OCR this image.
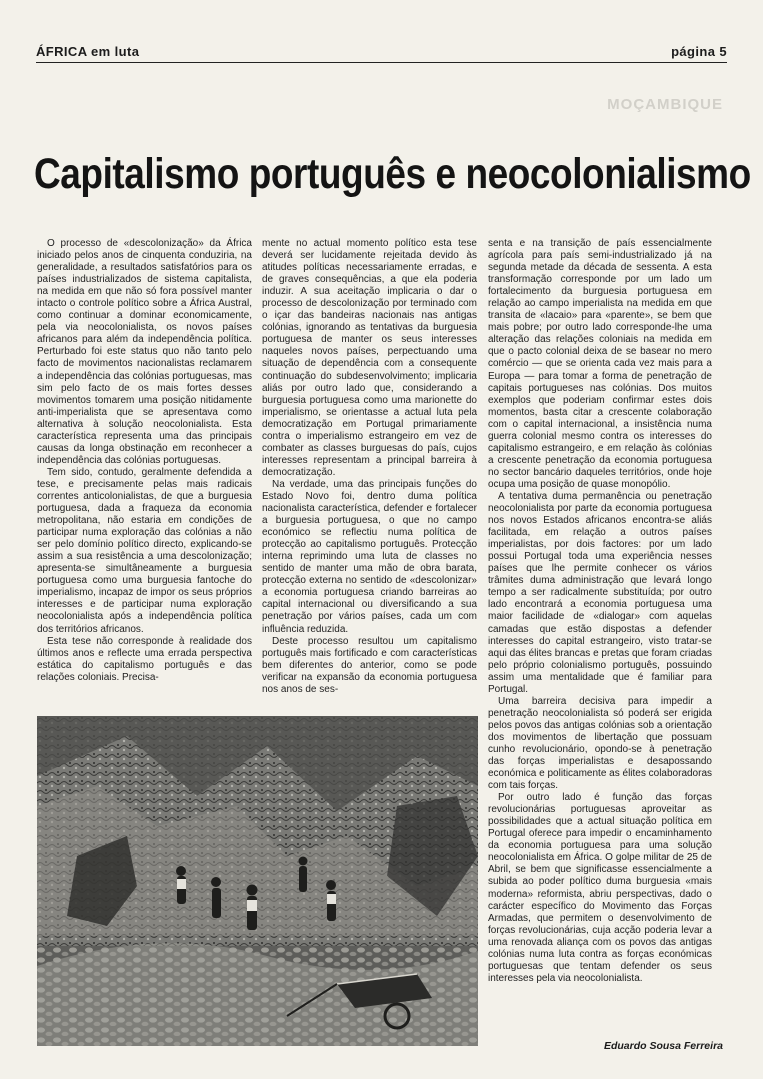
ÁFRICA em luta	página 5
MOÇAMBIQUE
Capitalismo português e neocolonialismo

O processo de «descolonização» da África iniciado pelos anos de cinquenta conduziria, na generalidade, a resultados satisfatórios para os países industrializados de sistema capitalista, na medida em que não só fora possível manter intacto o controle político sobre a África Austral, como continuar a dominar economicamente, pela via neocolonialista, os novos países africanos para além da independência política. Perturbado foi este status quo não tanto pelo facto de movimentos nacionalistas reclamarem a independência das colónias portuguesas, mas sim pelo facto de os mais fortes desses movimentos tomarem uma posição nitidamente anti-imperialista que se apresentava como alternativa à solução neocolonialista. Esta característica representa uma das principais causas da longa obstinação em reconhecer a independência das colónias portuguesas.

Tem sido, contudo, geralmente defendida a tese, e precisamente pelas mais radicais correntes anticolonialistas, de que a burguesia portuguesa, dada a fraqueza da economia metropolitana, não estaria em condições de participar numa exploração das colónias a não ser pelo domínio político directo, explicando-se assim a sua resistência a uma descolonização; apresenta-se simultâneamente a burguesia portuguesa como uma burguesia fantoche do imperialismo, incapaz de impor os seus próprios interesses e de participar numa exploração neocolonialista após a independência política dos territórios africanos.

Esta tese não corresponde à realidade dos últimos anos e reflecte uma errada perspectiva estática do capitalismo português e das relações coloniais. Precisa-

mente no actual momento político esta tese deverá ser lucidamente rejeitada devido às atitudes políticas necessariamente erradas, e de graves consequências, a que ela poderia induzir. A sua aceitação implicaria o dar o processo de descolonização por terminado com o içar das bandeiras nacionais nas antigas colónias, ignorando as tentativas da burguesia portuguesa de manter os seus interesses naqueles novos países, perpectuando uma situação de dependência com a consequente continuação do subdesenvolvimento; implicaria aliás por outro lado que, considerando a burguesia portuguesa como uma marionette do imperialismo, se orientasse a actual luta pela democratização em Portugal primariamente contra o imperialismo estrangeiro em vez de combater as classes burguesas do país, cujos interesses representam a principal barreira à democratização.

Na verdade, uma das principais funções do Estado Novo foi, dentro duma política nacionalista característica, defender e fortalecer a burguesia portuguesa, o que no campo económico se reflectiu numa política de protecção ao capitalismo português. Protecção interna reprimindo uma luta de classes no sentido de manter uma mão de obra barata, protecção externa no sentido de «descolonizar» a economia portuguesa criando barreiras ao capital internacional ou diversificando a sua penetração por vários países, cada um com influência reduzida.

Deste processo resultou um capitalismo português mais fortificado e com características bem diferentes do anterior, como se pode verificar na expansão da economia portuguesa nos anos de ses-

senta e na transição de país essencialmente agrícola para país semi-industrializado já na segunda metade da década de sessenta. A esta transformação corresponde por um lado um fortalecimento da burguesia portuguesa em relação ao campo imperialista na medida em que transita de «lacaio» para «parente», se bem que mais pobre; por outro lado corresponde-lhe uma alteração das relações coloniais na medida em que o pacto colonial deixa de se basear no mero comércio — que se orienta cada vez mais para a Europa — para tomar a forma de penetração de capitais portugueses nas colónias. Dos muitos exemplos que poderiam confirmar estes dois momentos, basta citar a crescente colaboração com o capital internacional, a insistência numa guerra colonial mesmo contra os interesses do capitalismo estrangeiro, e em relação às colónias a crescente penetração da economia portuguesa no sector bancário daqueles territórios, onde hoje ocupa uma posição de quase monopólio.

A tentativa duma permanência ou penetração neocolonialista por parte da economia portuguesa nos novos Estados africanos encontra-se aliás facilitada, em relação a outros países imperialistas, por dois factores: por um lado possui Portugal toda uma experiência nesses países que lhe permite conhecer os vários trâmites duma administração que levará longo tempo a ser radicalmente substituída; por outro lado encontrará a economia portuguesa uma maior facilidade de «dialogar» com aquelas camadas que estão dispostas a defender interesses do capital estrangeiro, visto tratar-se aqui das élites brancas e pretas que foram criadas pelo próprio colonialismo português, possuindo assim uma mentalidade que é familiar para Portugal.

Uma barreira decisiva para impedir a penetração neocolonialista só poderá ser erigida pelos povos das antigas colónias sob a orientação dos movimentos de libertação que possuam cunho revolucionário, opondo-se à penetração das forças imperialistas e desapossando económica e politicamente as élites colaboradoras com tais forças.

Por outro lado é função das forças revolucionárias portuguesas aproveitar as possibilidades que a actual situação política em Portugal oferece para impedir o encaminhamento da economia portuguesa para uma solução neocolonialista em África. O golpe militar de 25 de Abril, se bem que significasse essencialmente a subida ao poder político duma burguesia «mais moderna» reformista, abriu perspectivas, dado o carácter específico do Movimento das Forças Armadas, que permitem o desenvolvimento de forças revolucionárias, cuja acção poderia levar a uma renovada aliança com os povos das antigas colónias numa luta contra as forças económicas portuguesas que tentam defender os seus interesses pela via neocolonialista.

Eduardo Sousa Ferreira
